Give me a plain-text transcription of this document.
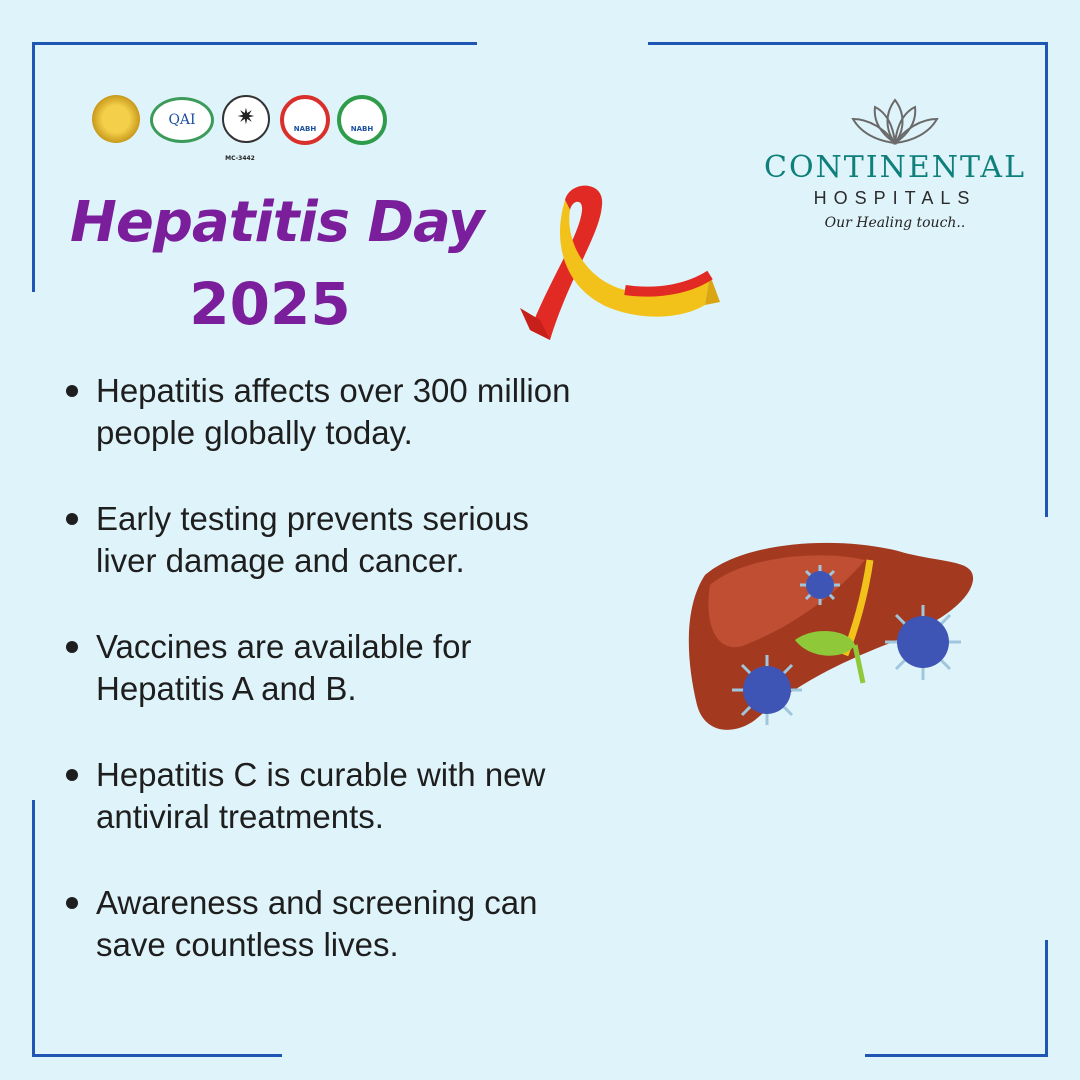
QAI	✷
MC-3442
NABH	NABH
Hepatitis Day
2025
CONTINENTAL
HOSPITALS
Our Healing touch..
Hepatitis affects over 300 million
people globally today.
Early testing prevents serious
liver damage and cancer.
Vaccines are available for
Hepatitis A and B.
Hepatitis C is curable with new
antiviral treatments.
Awareness and screening can
save countless lives.
